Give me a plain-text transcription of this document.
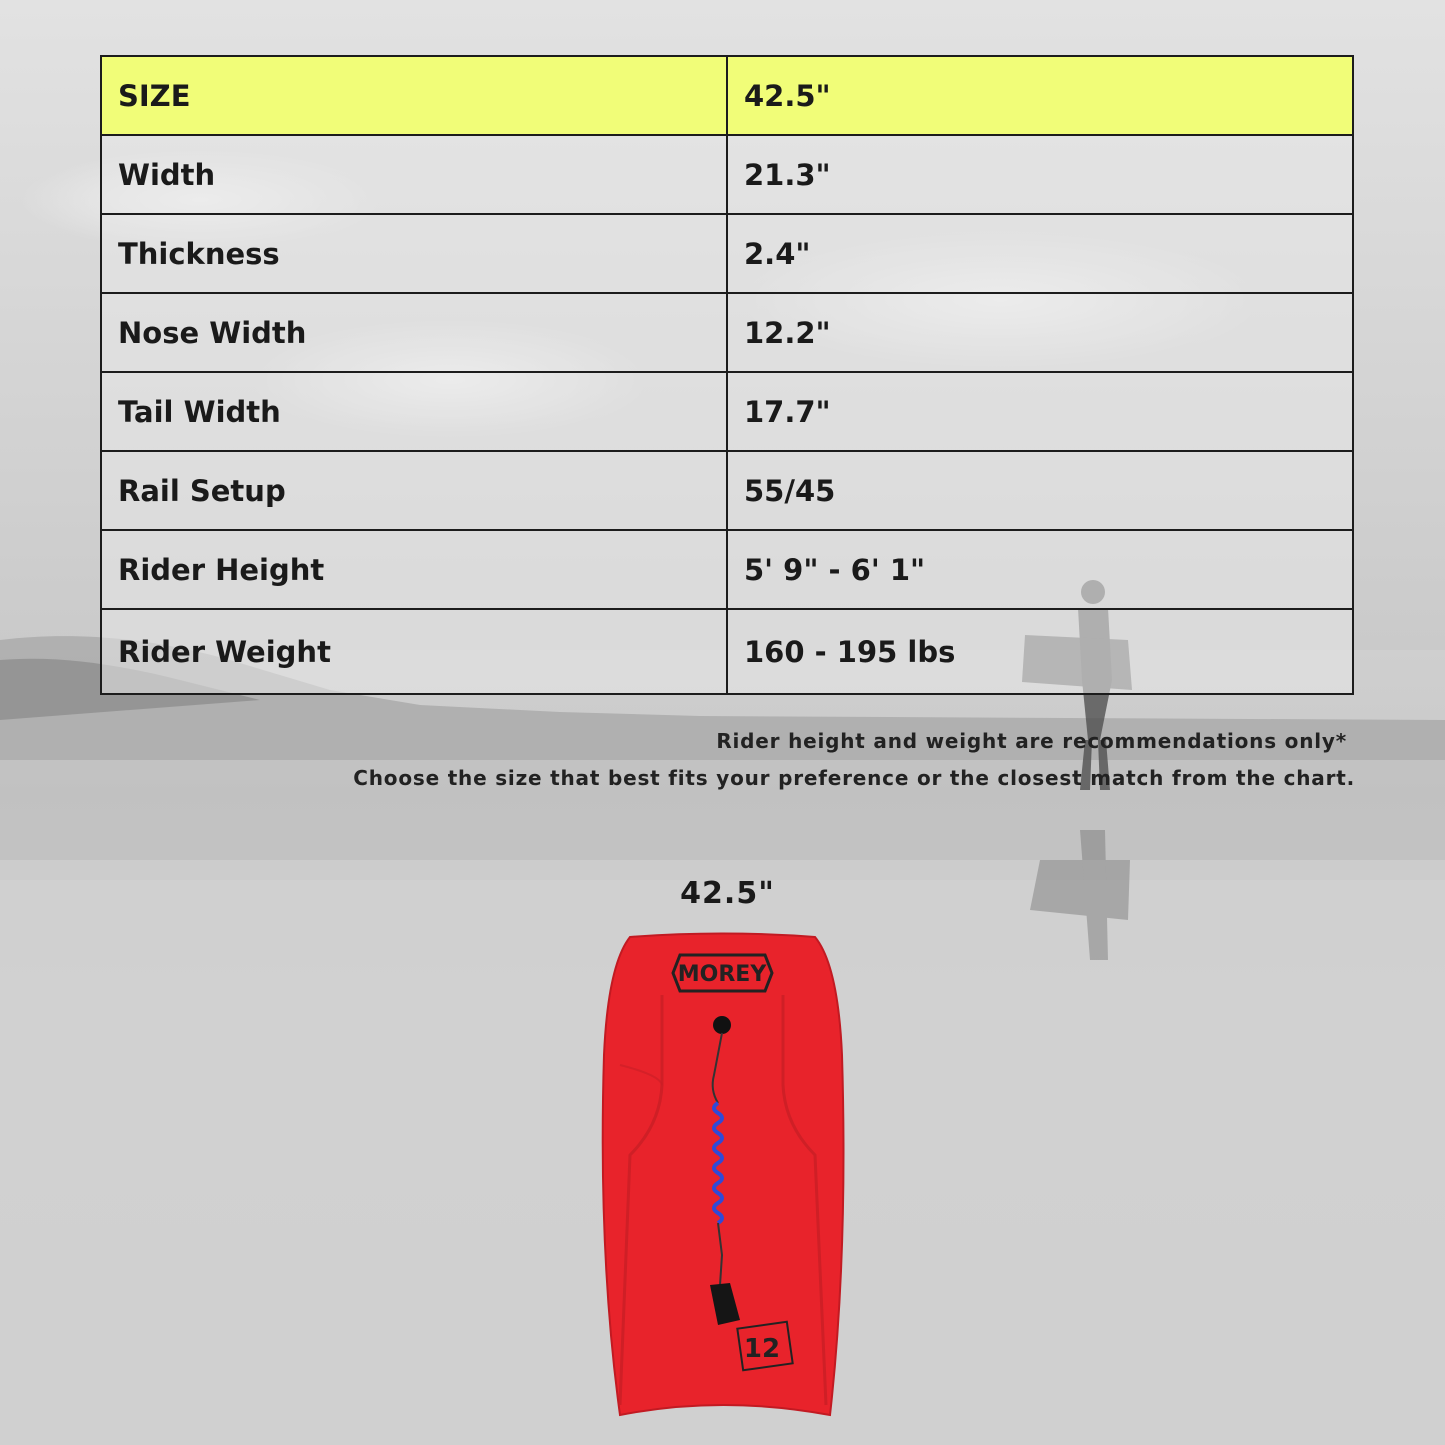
SIZE	42.5"
Width	21.3"
Thickness	2.4"
Nose Width	12.2"
Tail Width	17.7"
Rail Setup	55/45
Rider Height	5' 9" - 6' 1"
Rider Weight	160 - 195 lbs
Rider height and weight are recommendations only*
Choose the size that best fits your preference or the closest match from the chart.
42.5"
MOREY
12
